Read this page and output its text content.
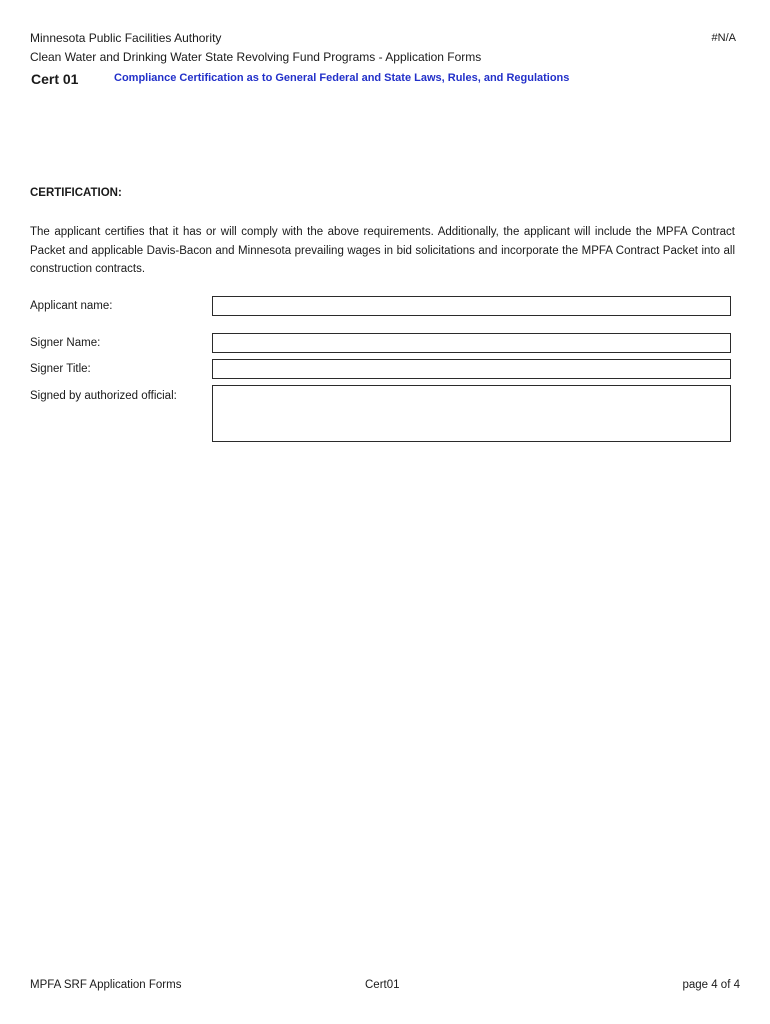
Minnesota Public Facilities Authority
Clean Water and Drinking Water State Revolving Fund Programs - Application Forms
#N/A
Cert 01	Compliance Certification as to General Federal and State Laws, Rules, and Regulations
CERTIFICATION:
The applicant certifies that it has or will comply with the above requirements. Additionally, the applicant will include the MPFA Contract Packet and applicable Davis-Bacon and Minnesota prevailing wages in bid solicitations and incorporate the MPFA Contract Packet into all construction contracts.
Applicant name:
Signer Name:
Signer Title:
Signed by authorized official:
MPFA SRF Application Forms	Cert01	page 4 of 4
